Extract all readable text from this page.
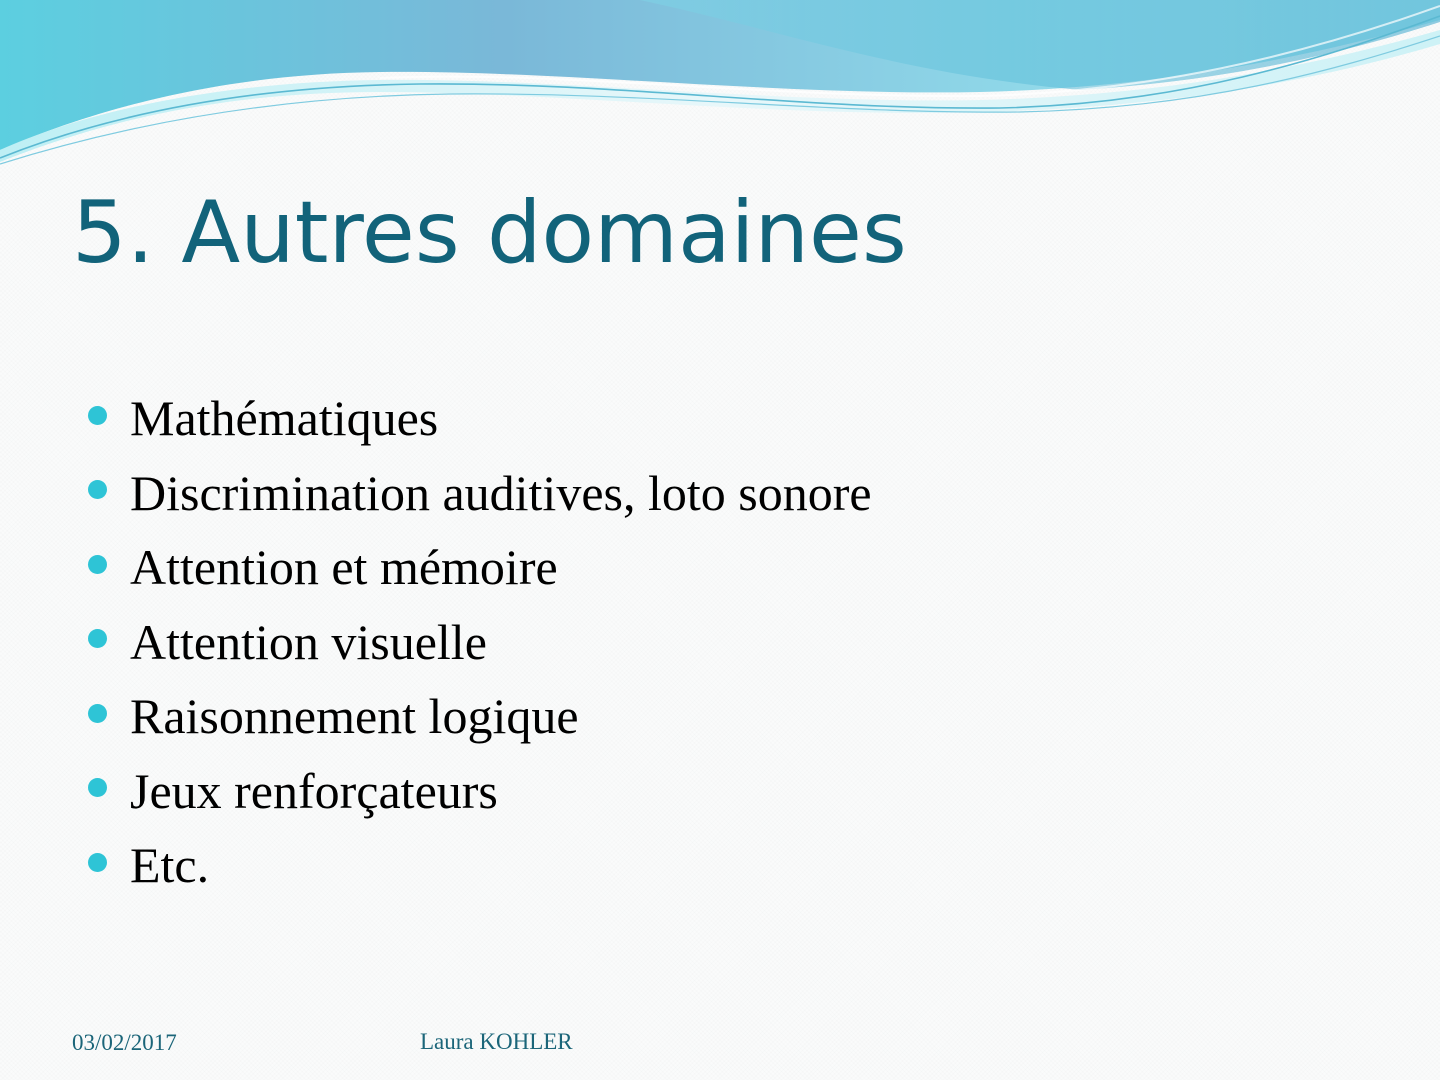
5. Autres domaines
Mathématiques
Discrimination auditives, loto sonore
Attention et mémoire
Attention visuelle
Raisonnement logique
Jeux renforçateurs
Etc.
03/02/2017	Laura KOHLER
